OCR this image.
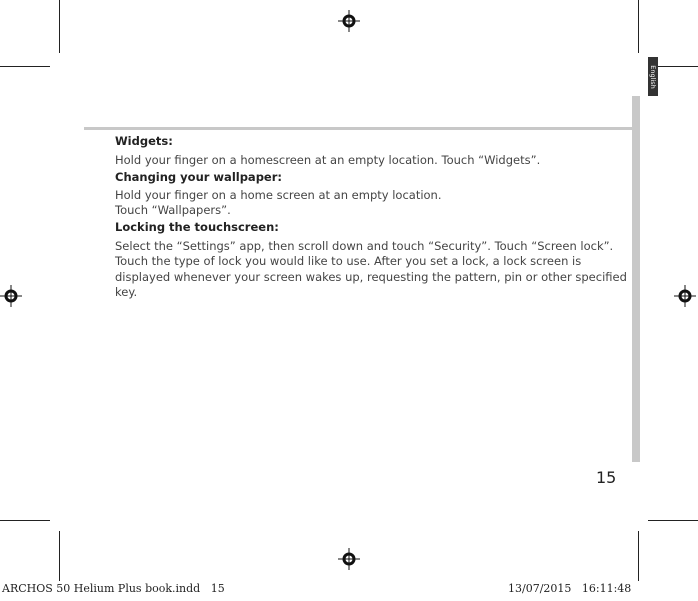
English
Widgets:

Hold your finger on a homescreen at an empty location. Touch “Widgets”.

Changing your wallpaper:

Hold your finger on a home screen at an empty location.

Touch “Wallpapers”.

Locking the touchscreen:

Select the “Settings” app, then scroll down and touch “Security”. Touch “Screen lock”. Touch the type of lock you would like to use. After you set a lock, a lock screen is displayed whenever your screen wakes up, requesting the pattern, pin or other specified key.

15
ARCHOS 50 Helium Plus book.indd   15	13/07/2015   16:11:48
